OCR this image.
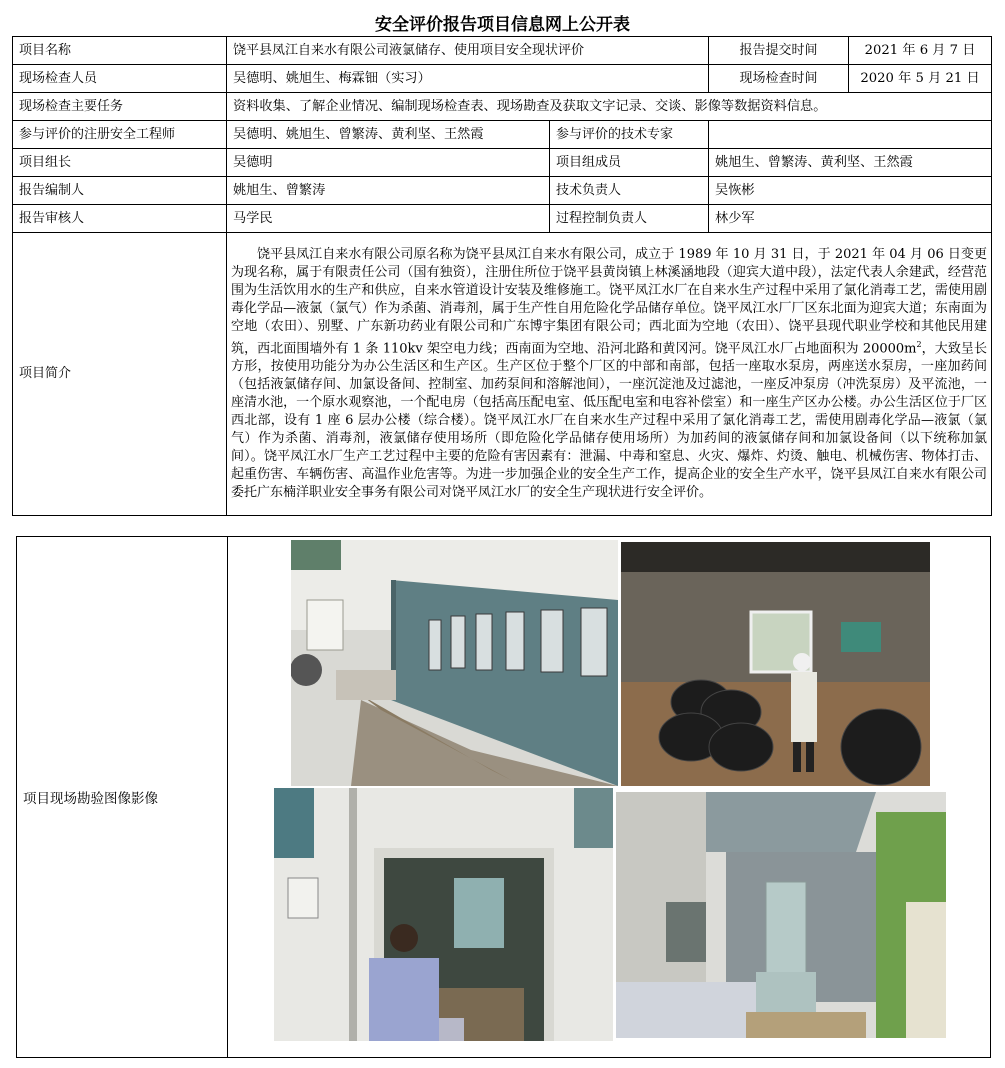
安全评价报告项目信息网上公开表
项目名称	饶平县凤江自来水有限公司液氯储存、使用项目安全现状评价		报告提交时间	2021 年 6 月 7 日
现场检查人员	吴德明、姚旭生、梅霖钿（实习）		现场检查时间	2020 年 5 月 21 日
现场检查主要任务	资料收集、了解企业情况、编制现场检查表、现场勘查及获取文字记录、交谈、影像等数据资料信息。			
参与评价的注册安全工程师	吴德明、姚旭生、曾繁涛、黄利坚、王然霞	参与评价的技术专家		
项目组长	吴德明	项目组成员	姚旭生、曾繁涛、黄利坚、王然霞	
报告编制人	姚旭生、曾繁涛	技术负责人	吴恢彬	
报告审核人	马学民	过程控制负责人	林少军	
项目简介	饶平县凤江自来水有限公司原名称为饶平县凤江自来水有限公司，成立于 1989 年 10 月 31 日，于 2021 年 04 月 06 日变更为现名称，属于有限责任公司（国有独资），注册住所位于饶平县黄岗镇上林溪涵地段（迎宾大道中段），法定代表人余建武，经营范围为生活饮用水的生产和供应，自来水管道设计安装及维修施工。饶平凤江水厂在自来水生产过程中采用了氯化消毒工艺，需使用剧毒化学品—液氯（氯气）作为杀菌、消毒剂，属于生产性自用危险化学品储存单位。饶平凤江水厂厂区东北面为迎宾大道；东南面为空地（农田）、别墅、广东新功药业有限公司和广东博宇集团有限公司；西北面为空地（农田）、饶平县现代职业学校和其他民用建筑，西北面围墙外有 1 条 110kv 架空电力线；西南面为空地、沿河北路和黄冈河。饶平凤江水厂占地面积为 $20000m^2$，大致呈长方形，按使用功能分为办公生活区和生产区。生产区位于整个厂区的中部和南部，包括一座取水泵房，两座送水泵房，一座加药间（包括液氯储存间、加氯设备间、控制室、加药泵间和溶解池间），一座沉淀池及过滤池，一座反冲泵房（冲洗泵房）及平流池，一座清水池，一个原水观察池，一个配电房（包括高压配电室、低压配电室和电容补偿室）和一座生产区办公楼。办公生活区位于厂区西北部，设有 1 座 6 层办公楼（综合楼）。饶平凤江水厂在自来水生产过程中采用了氯化消毒工艺，需使用剧毒化学品—液氯（氯气）作为杀菌、消毒剂，液氯储存使用场所（即危险化学品储存使用场所）为加药间的液氯储存间和加氯设备间（以下统称加氯间）。饶平凤江水厂生产工艺过程中主要的危险有害因素有：泄漏、中毒和窒息、火灾、爆炸、灼烫、触电、机械伤害、物体打击、起重伤害、车辆伤害、高温作业危害等。为进一步加强企业的安全生产工作，提高企业的安全生产水平，饶平县凤江自来水有限公司委托广东楠洋职业安全事务有限公司对饶平凤江水厂的安全生产现状进行安全评价。			
项目现场勘验图像影像	
